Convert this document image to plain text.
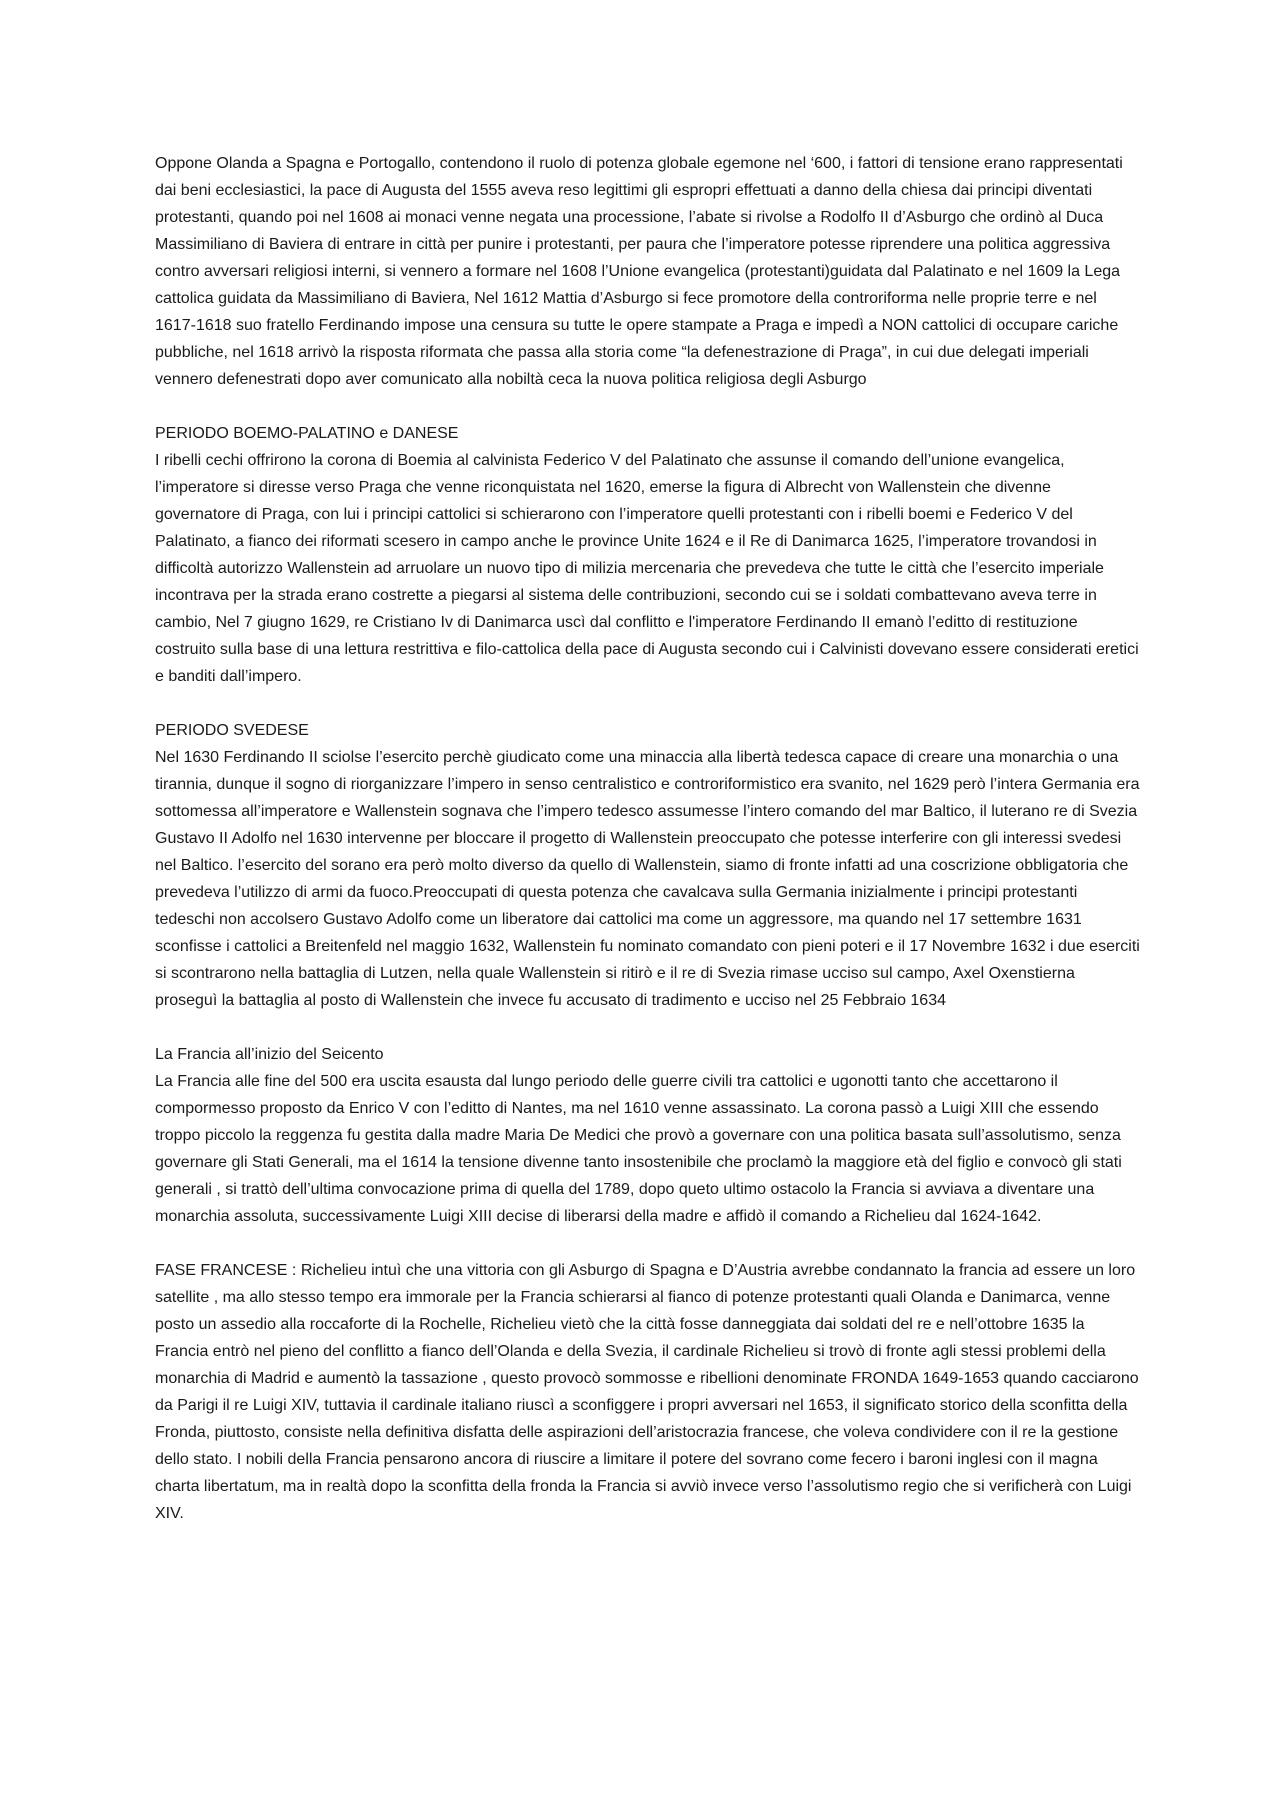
Oppone Olanda a Spagna e Portogallo, contendono il ruolo di potenza globale egemone nel ‘600, i fattori di tensione erano rappresentati dai beni ecclesiastici, la pace di Augusta del 1555 aveva reso legittimi gli espropri effettuati a danno della chiesa dai principi diventati protestanti, quando poi nel 1608 ai monaci venne negata una processione, l’abate si rivolse a Rodolfo II d’Asburgo che ordinò al Duca Massimiliano di Baviera di entrare in città per punire i protestanti, per paura che l’imperatore potesse riprendere una politica aggressiva contro avversari religiosi interni, si vennero a formare nel 1608 l’Unione evangelica (protestanti)guidata dal Palatinato e nel 1609 la Lega cattolica guidata da Massimiliano di Baviera, Nel 1612 Mattia d’Asburgo si fece promotore della controriforma nelle proprie terre e nel 1617-1618 suo fratello Ferdinando impose una censura su tutte le opere stampate a Praga e impedì a NON cattolici di occupare cariche pubbliche, nel 1618 arrivò la risposta riformata che passa alla storia come “la defenestrazione di Praga”, in cui due delegati imperiali vennero defenestrati dopo aver comunicato alla nobiltà ceca la nuova politica religiosa degli Asburgo

PERIODO BOEMO-PALATINO e DANESE
I ribelli cechi offrirono la corona di Boemia al calvinista Federico V del Palatinato che assunse il comando dell’unione evangelica, l’imperatore si diresse verso Praga che venne riconquistata nel 1620, emerse la figura di Albrecht von Wallenstein che divenne governatore di Praga, con lui i principi cattolici si schierarono con l’imperatore quelli protestanti con i ribelli boemi e Federico V del Palatinato, a fianco dei riformati scesero in campo anche le province Unite 1624 e il Re di Danimarca 1625, l’imperatore trovandosi in difficoltà autorizzo Wallenstein ad arruolare un nuovo tipo di milizia mercenaria che prevedeva che tutte le città che l’esercito imperiale incontrava per la strada erano costrette a piegarsi al sistema delle contribuzioni, secondo cui se i soldati combattevano aveva terre in cambio, Nel 7 giugno 1629, re Cristiano Iv di Danimarca uscì dal conflitto e l'imperatore Ferdinando II emanò l’editto di restituzione costruito sulla base di una lettura restrittiva e filo-cattolica della pace di Augusta secondo cui i Calvinisti dovevano essere considerati eretici e banditi dall’impero.
PERIODO SVEDESE
Nel 1630 Ferdinando II sciolse l’esercito perchè giudicato come una minaccia alla libertà tedesca capace di creare una monarchia o una tirannia, dunque il sogno di riorganizzare l’impero in senso centralistico e controriformistico era svanito, nel 1629 però l’intera Germania era sottomessa all’imperatore e Wallenstein sognava che l’impero tedesco assumesse l’intero comando del mar Baltico, il luterano re di Svezia Gustavo II Adolfo nel 1630 intervenne per bloccare il progetto di Wallenstein preoccupato che potesse interferire con gli interessi svedesi nel Baltico. l’esercito del sorano era però molto diverso da quello di Wallenstein, siamo di fronte infatti ad una coscrizione obbligatoria che prevedeva l’utilizzo di armi da fuoco.Preoccupati di questa potenza che cavalcava sulla Germania inizialmente i principi protestanti tedeschi non accolsero Gustavo Adolfo come un liberatore dai cattolici ma come un aggressore, ma quando nel 17 settembre 1631 sconfisse i cattolici a Breitenfeld nel maggio 1632, Wallenstein fu nominato comandato con pieni poteri e il 17 Novembre 1632 i due eserciti si scontrarono nella battaglia di Lutzen, nella quale Wallenstein si ritirò e il re di Svezia rimase ucciso sul campo, Axel Oxenstierna proseguì la battaglia al posto di Wallenstein che invece fu accusato di tradimento e ucciso nel 25 Febbraio 1634
La Francia all’inizio del Seicento
La Francia alle fine del 500 era uscita esausta dal lungo periodo delle guerre civili tra cattolici e ugonotti tanto che accettarono il compormesso proposto da Enrico V con l’editto di Nantes, ma nel 1610 venne assassinato. La corona passò a Luigi XIII che essendo troppo piccolo la reggenza fu gestita dalla madre Maria De Medici che provò a governare con una politica basata sull’assolutismo, senza governare gli Stati Generali, ma el 1614 la tensione divenne tanto insostenibile che proclamò la maggiore età del figlio e convocò gli stati generali , si trattò dell’ultima convocazione prima di quella del 1789, dopo queto ultimo ostacolo la Francia si avviava a diventare una monarchia assoluta, successivamente Luigi XIII decise di liberarsi della madre e affidò il comando a Richelieu dal 1624-1642.

FASE FRANCESE : Richelieu intuì che una vittoria con gli Asburgo di Spagna e D’Austria avrebbe condannato la francia ad essere un loro satellite , ma allo stesso tempo era immorale per la Francia schierarsi al fianco di potenze protestanti quali Olanda e Danimarca, venne posto un assedio alla roccaforte di la Rochelle, Richelieu vietò che la città fosse danneggiata dai soldati del re e nell’ottobre 1635 la Francia entrò nel pieno del conflitto a fianco dell’Olanda e della Svezia, il cardinale Richelieu si trovò di fronte agli stessi problemi della monarchia di Madrid e aumentò la tassazione , questo provocò sommosse e ribellioni denominate FRONDA 1649-1653 quando cacciarono da Parigi il re Luigi XIV, tuttavia il cardinale italiano riuscì a sconfiggere i propri avversari nel 1653, il significato storico della sconfitta della Fronda, piuttosto, consiste nella definitiva disfatta delle aspirazioni dell’aristocrazia francese, che voleva condividere con il re la gestione dello stato. I nobili della Francia pensarono ancora di riuscire a limitare il potere del sovrano come fecero i baroni inglesi con il magna charta libertatum, ma in realtà dopo la sconfitta della fronda la Francia si avviò invece verso l’assolutismo regio che si verificherà con Luigi XIV.
